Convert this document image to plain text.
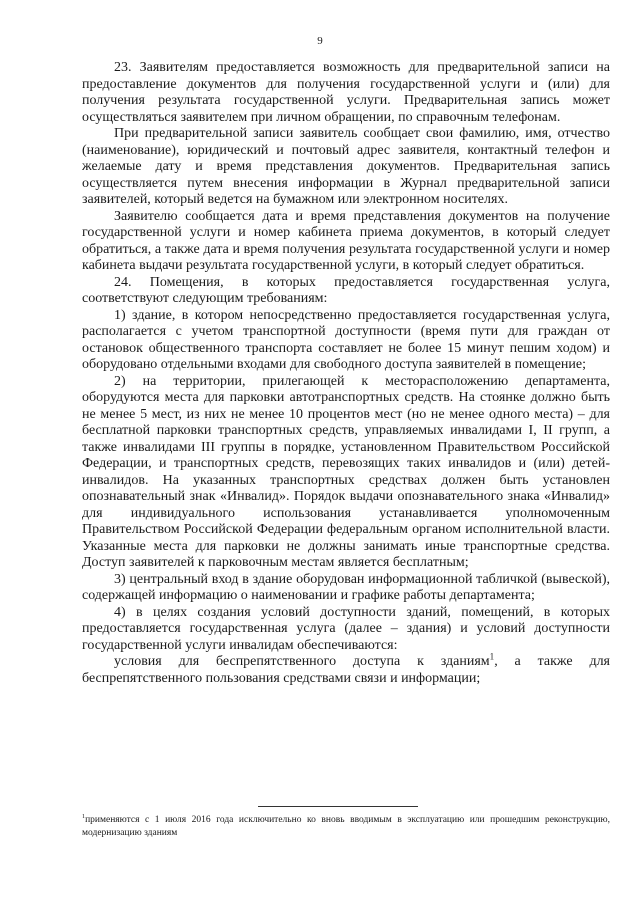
9

23. Заявителям предоставляется возможность для предварительной записи на предоставление документов для получения государственной услуги и (или) для получения результата государственной услуги. Предварительная запись может осуществляться заявителем при личном обращении, по справочным телефонам.

При предварительной записи заявитель сообщает свои фамилию, имя, отчество (наименование), юридический и почтовый адрес заявителя, контактный телефон и желаемые дату и время представления документов. Предварительная запись осуществляется путем внесения информации в Журнал предварительной записи заявителей, который ведется на бумажном или электронном носителях.

Заявителю сообщается дата и время представления документов на получение государственной услуги и номер кабинета приема документов, в который следует обратиться, а также дата и время получения результата государственной услуги и номер кабинета выдачи результата государственной услуги, в который следует обратиться.

24. Помещения, в которых предоставляется государственная услуга, соответствуют следующим требованиям:

1) здание, в котором непосредственно предоставляется государственная услуга, располагается с учетом транспортной доступности (время пути для граждан от остановок общественного транспорта составляет не более 15 минут пешим ходом) и оборудовано отдельными входами для свободного доступа заявителей в помещение;

2) на территории, прилегающей к месторасположению департамента, оборудуются места для парковки автотранспортных средств. На стоянке должно быть не менее 5 мест, из них не менее 10 процентов мест (но не менее одного места) – для бесплатной парковки транспортных средств, управляемых инвалидами I, II групп, а также инвалидами III группы в порядке, установленном Правительством Российской Федерации, и транспортных средств, перевозящих таких инвалидов и (или) детей-инвалидов. На указанных транспортных средствах должен быть установлен опознавательный знак «Инвалид». Порядок выдачи опознавательного знака «Инвалид» для индивидуального использования устанавливается уполномоченным Правительством Российской Федерации федеральным органом исполнительной власти. Указанные места для парковки не должны занимать иные транспортные средства. Доступ заявителей к парковочным местам является бесплатным;

3) центральный вход в здание оборудован информационной табличкой (вывеской), содержащей информацию о наименовании и графике работы департамента;

4) в целях создания условий доступности зданий, помещений, в которых предоставляется государственная услуга (далее – здания) и условий доступности государственной услуги инвалидам обеспечиваются:

условия для беспрепятственного доступа к зданиям$^1$, а также для беспрепятственного пользования средствами связи и информации;

$^1$применяются с 1 июля 2016 года исключительно ко вновь вводимым в эксплуатацию или прошедшим реконструкцию, модернизацию зданиям
